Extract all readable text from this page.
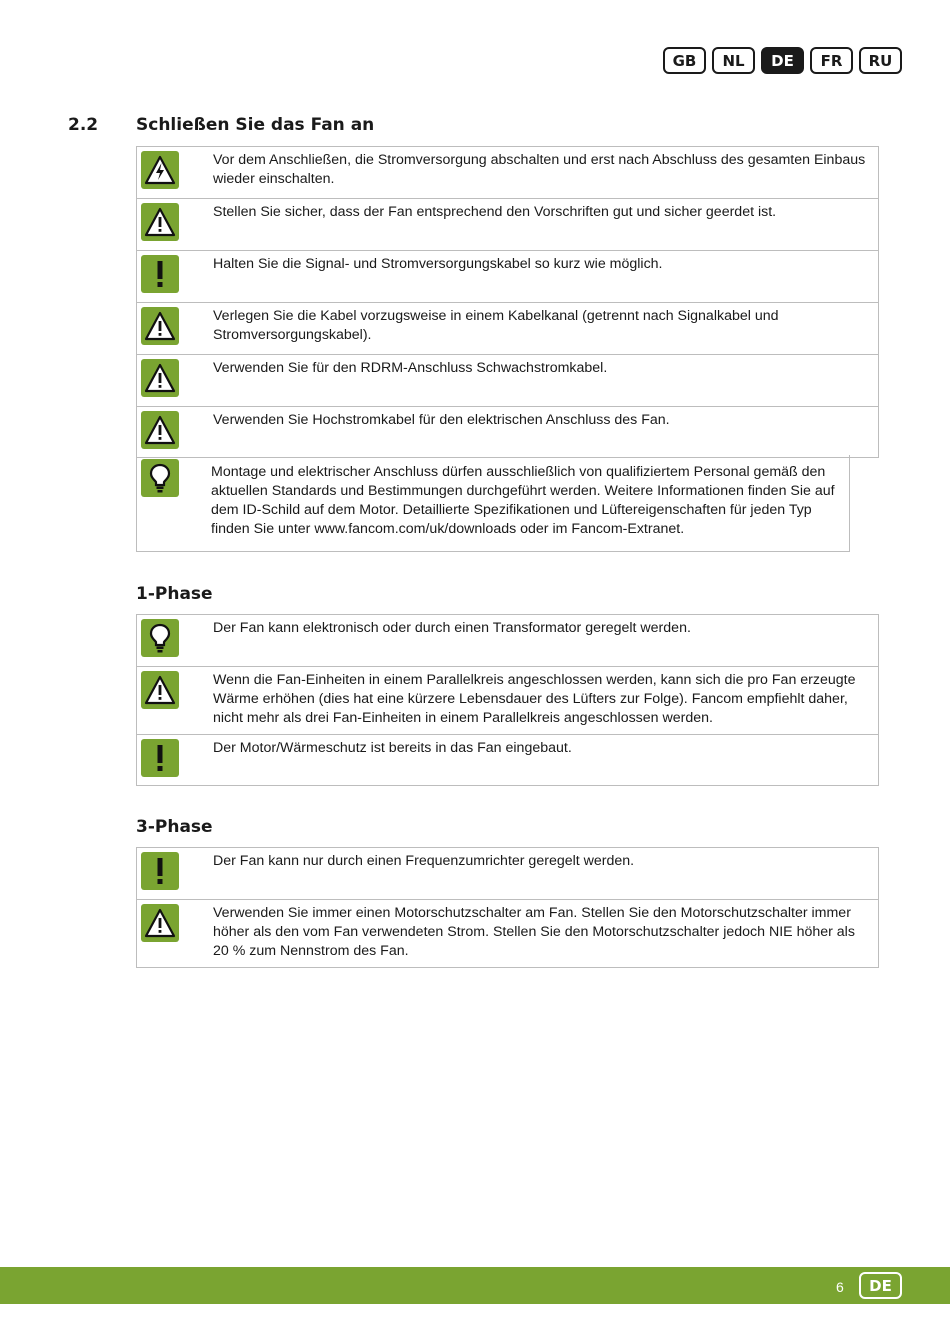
GB	NL	DE	FR	RU
2.2	Schließen Sie das Fan an
Vor dem Anschließen, die Stromversorgung abschalten und erst nach Abschluss des gesamten Einbaus wieder einschalten.
Stellen Sie sicher, dass der Fan entsprechend den Vorschriften gut und sicher geerdet ist.
Halten Sie die Signal- und Stromversorgungskabel so kurz wie möglich.
Verlegen Sie die Kabel vorzugsweise in einem Kabelkanal (getrennt nach Signalkabel und Stromversorgungskabel).
Verwenden Sie für den RDRM-Anschluss Schwachstromkabel.
Verwenden Sie Hochstromkabel für den elektrischen Anschluss des Fan.
Montage und elektrischer Anschluss dürfen ausschließlich von qualifiziertem Personal gemäß den aktuellen Standards und Bestimmungen durchgeführt werden. Weitere Informationen finden Sie auf dem ID-Schild auf dem Motor. Detaillierte Spezifikationen und Lüftereigenschaften für jeden Typ finden Sie unter www.fancom.com/uk/downloads oder im Fancom-Extranet.
1-Phase
Der Fan kann elektronisch oder durch einen Transformator geregelt werden.
Wenn die Fan-Einheiten in einem Parallelkreis angeschlossen werden, kann sich die pro Fan erzeugte Wärme erhöhen (dies hat eine kürzere Lebensdauer des Lüfters zur Folge). Fancom empfiehlt daher, nicht mehr als drei Fan-Einheiten in einem Parallelkreis angeschlossen werden.
Der Motor/Wärmeschutz ist bereits in das Fan eingebaut.
3-Phase
Der Fan kann nur durch einen Frequenzumrichter geregelt werden.
Verwenden Sie immer einen Motorschutzschalter am Fan. Stellen Sie den Motorschutzschalter immer höher als den vom Fan verwendeten Strom. Stellen Sie den Motorschutzschalter jedoch NIE höher als 20 % zum Nennstrom des Fan.
6	DE
